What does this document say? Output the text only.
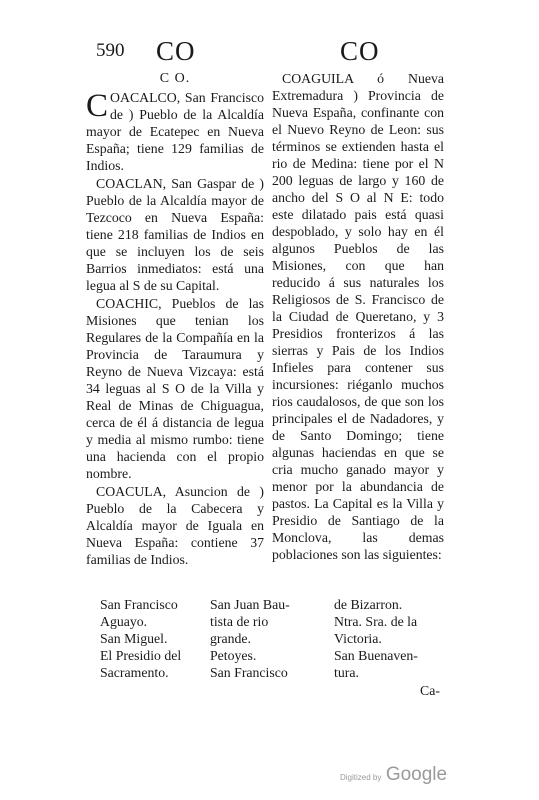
590 CO	CO
C O.

COACALCO, San Francisco de ) Pueblo de la Alcaldía mayor de Ecatepec en Nueva España; tiene 129 familias de Indios.

COACLAN, San Gaspar de ) Pueblo de la Alcaldía mayor de Tezcoco en Nueva España: tiene 218 familias de Indios en que se incluyen los de seis Barrios inmediatos: está una legua al S de su Capital.

COACHIC, Pueblos de las Misiones que tenian los Regulares de la Compañía en la Provincia de Taraumura y Reyno de Nueva Vizcaya: está 34 leguas al S O de la Villa y Real de Minas de Chiguagua, cerca de él á distancia de legua y media al mismo rumbo: tiene una hacienda con el propio nombre.

COACULA, Asuncion de ) Pueblo de la Cabecera y Alcaldía mayor de Iguala en Nueva España: contiene 37 familias de Indios.

COAGUILA ó Nueva Extremadura ) Provincia de Nueva España, confinante con el Nuevo Reyno de Leon: sus términos se extienden hasta el rio de Medina: tiene por el N 200 leguas de largo y 160 de ancho del S O al N E: todo este dilatado pais está quasi despoblado, y solo hay en él algunos Pueblos de las Misiones, con que han reducido á sus naturales los Religiosos de S. Francisco de la Ciudad de Queretano, y 3 Presidios fronterizos á las sierras y Pais de los Indios Infieles para contener sus incursiones: riéganlo muchos rios caudalosos, de que son los principales el de Nadadores, y de Santo Domingo; tiene algunas haciendas en que se cria mucho ganado mayor y menor por la abundancia de pastos. La Capital es la Villa y Presidio de Santiago de la Monclova, las demas poblaciones son las siguientes:

San Francisco	San Juan Bau-	de Bizarron.
Aguayo.	tista de rio	Ntra. Sra. de la
San Miguel.	grande.	Victoria.
El Presidio del	Petoyes.	San Buenaven-
Sacramento.	San Francisco	tura.
Ca-
Digitized by Google
